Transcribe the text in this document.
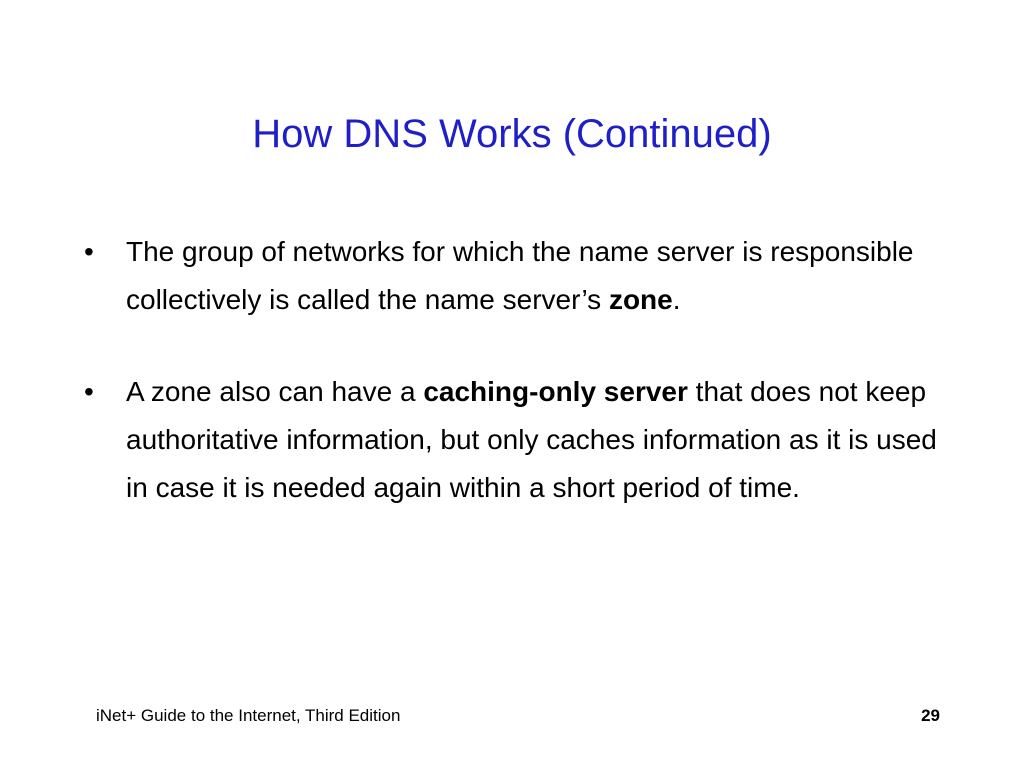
How DNS Works (Continued)
•	The group of networks for which the name server is responsible collectively is called the name server’s zone.
•	A zone also can have a caching-only server that does not keep authoritative information, but only caches information as it is used in case it is needed again within a short period of time.
iNet+ Guide to the Internet, Third Edition	29
